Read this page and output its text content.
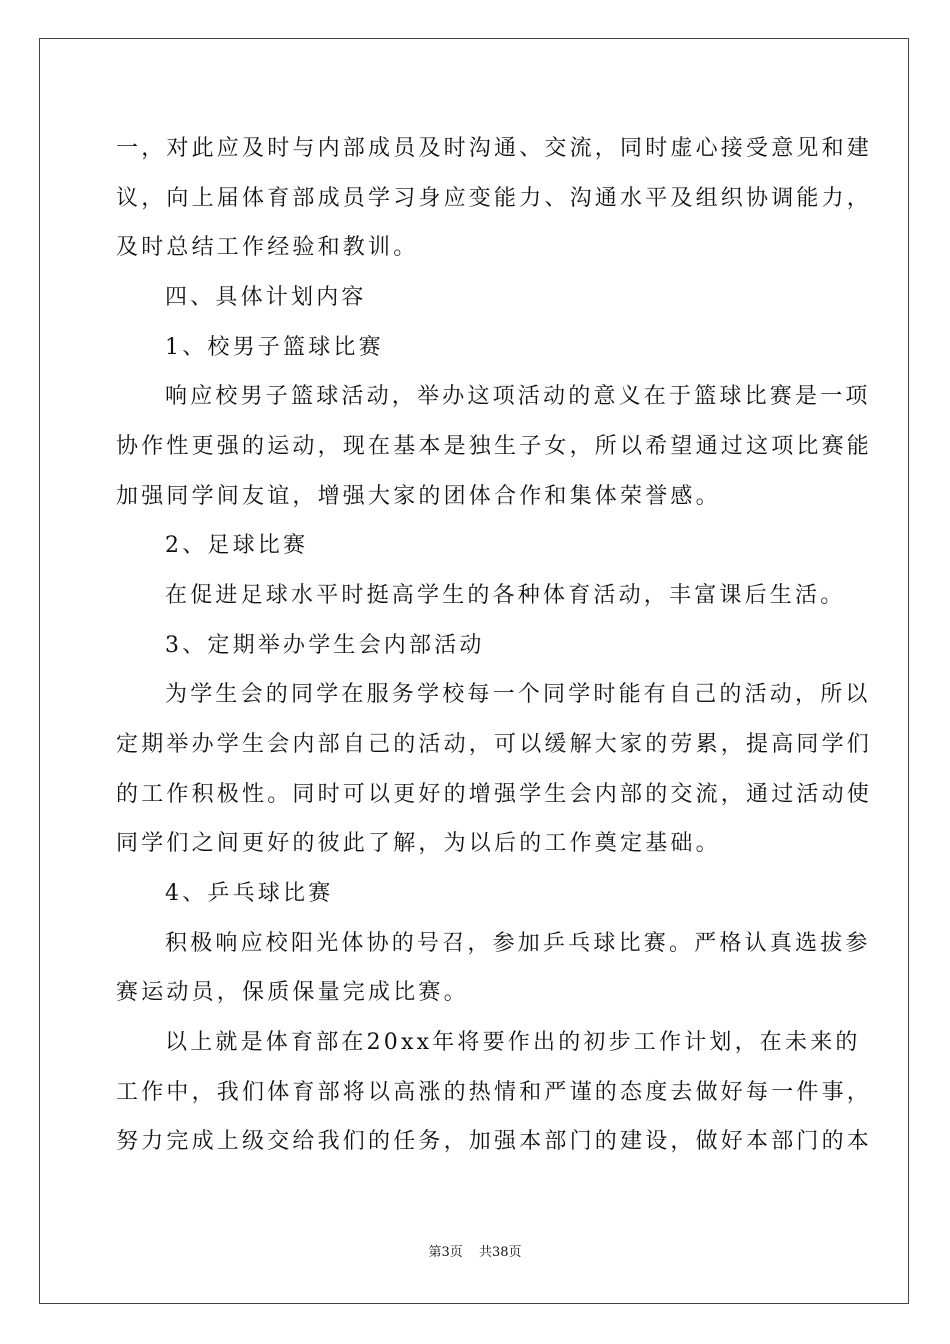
一，对此应及时与内部成员及时沟通、交流，同时虚心接受意见和建
议，向上届体育部成员学习身应变能力、沟通水平及组织协调能力，
及时总结工作经验和教训。
四、具体计划内容
1、校男子篮球比赛
响应校男子篮球活动，举办这项活动的意义在于篮球比赛是一项
协作性更强的运动，现在基本是独生子女，所以希望通过这项比赛能
加强同学间友谊，增强大家的团体合作和集体荣誉感。
2、足球比赛
在促进足球水平时挺高学生的各种体育活动，丰富课后生活。
3、定期举办学生会内部活动
为学生会的同学在服务学校每一个同学时能有自己的活动，所以
定期举办学生会内部自己的活动，可以缓解大家的劳累，提高同学们
的工作积极性。同时可以更好的增强学生会内部的交流，通过活动使
同学们之间更好的彼此了解，为以后的工作奠定基础。
4、乒乓球比赛
积极响应校阳光体协的号召，参加乒乓球比赛。严格认真选拔参
赛运动员，保质保量完成比赛。
以上就是体育部在20xx年将要作出的初步工作计划，在未来的
工作中，我们体育部将以高涨的热情和严谨的态度去做好每一件事，
努力完成上级交给我们的任务，加强本部门的建设，做好本部门的本
第3页 共38页
